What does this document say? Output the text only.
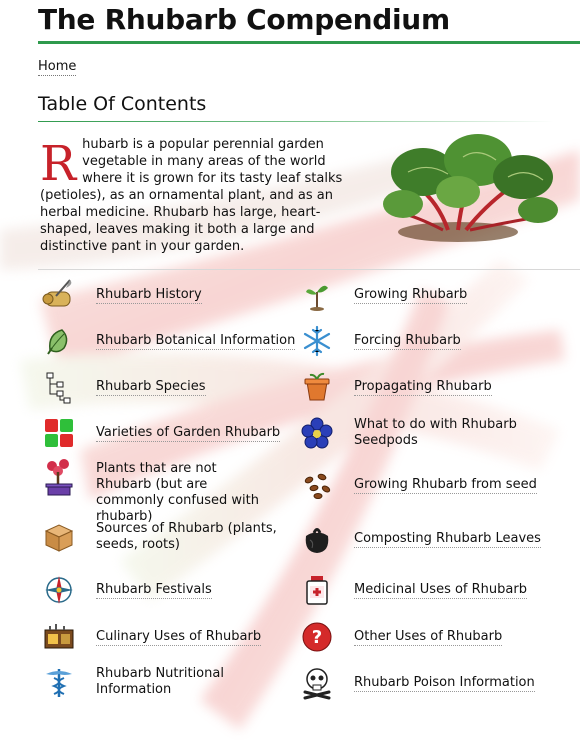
The Rhubarb Compendium
Home
Table Of Contents
Rhubarb is a popular perennial garden vegetable in many areas of the world where it is grown for its tasty leaf stalks (petioles), as an ornamental plant, and as an herbal medicine. Rhubarb has large, heart-shaped, leaves making it both a large and distinctive pant in your garden.
Rhubarb History
Rhubarb Botanical Information
Rhubarb Species
Varieties of Garden Rhubarb
Plants that are not Rhubarb (but are commonly confused with rhubarb)
Sources of Rhubarb (plants, seeds, roots)
Rhubarb Festivals
Culinary Uses of Rhubarb
Rhubarb Nutritional Information
Growing Rhubarb
Forcing Rhubarb
Propagating Rhubarb
What to do with Rhubarb Seedpods
Growing Rhubarb from seed
Composting Rhubarb Leaves
Medicinal Uses of Rhubarb
? Other Uses of Rhubarb
Rhubarb Poison Information
